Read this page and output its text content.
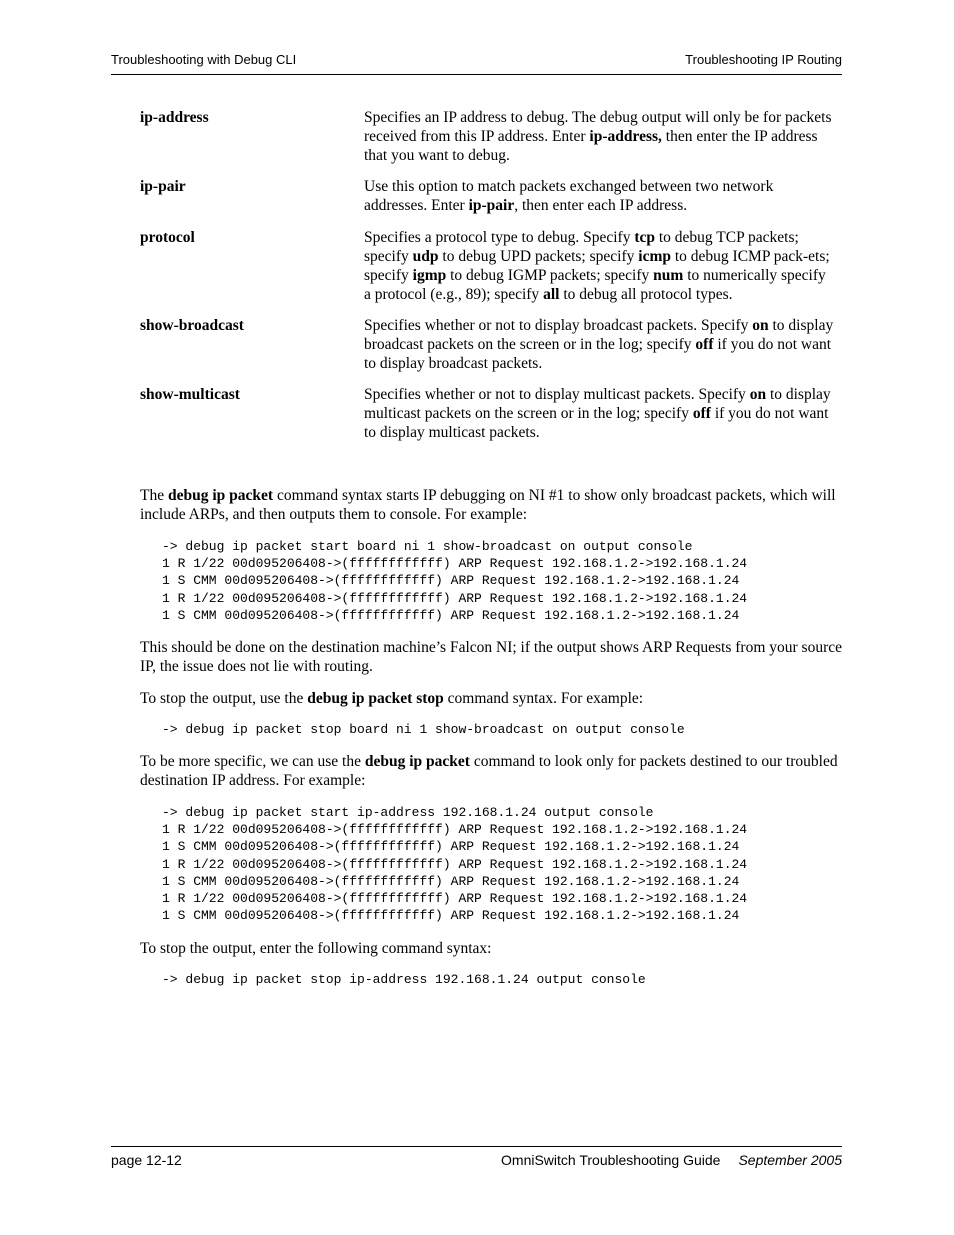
Troubleshooting with Debug CLI	Troubleshooting IP Routing
ip-address	Specifies an IP address to debug. The debug output will only be for packets received from this IP address. Enter ip-address, then enter the IP address that you want to debug.
ip-pair	Use this option to match packets exchanged between two network addresses. Enter ip-pair, then enter each IP address.
protocol	Specifies a protocol type to debug. Specify tcp to debug TCP packets; specify udp to debug UPD packets; specify icmp to debug ICMP pack-ets; specify igmp to debug IGMP packets; specify num to numerically specify a protocol (e.g., 89); specify all to debug all protocol types.
show-broadcast	Specifies whether or not to display broadcast packets. Specify on to display broadcast packets on the screen or in the log; specify off if you do not want to display broadcast packets.
show-multicast	Specifies whether or not to display multicast packets. Specify on to display multicast packets on the screen or in the log; specify off if you do not want to display multicast packets.
The debug ip packet command syntax starts IP debugging on NI #1 to show only broadcast packets, which will include ARPs, and then outputs them to console. For example:
-> debug ip packet start board ni 1 show-broadcast on output console
1 R 1/22 00d095206408->(ffffffffffff) ARP Request 192.168.1.2->192.168.1.24
1 S CMM 00d095206408->(ffffffffffff) ARP Request 192.168.1.2->192.168.1.24
1 R 1/22 00d095206408->(ffffffffffff) ARP Request 192.168.1.2->192.168.1.24
1 S CMM 00d095206408->(ffffffffffff) ARP Request 192.168.1.2->192.168.1.24
This should be done on the destination machine’s Falcon NI; if the output shows ARP Requests from your source IP, the issue does not lie with routing.
To stop the output, use the debug ip packet stop command syntax. For example:
-> debug ip packet stop board ni 1 show-broadcast on output console
To be more specific, we can use the debug ip packet command to look only for packets destined to our troubled destination IP address. For example:
-> debug ip packet start ip-address 192.168.1.24 output console
1 R 1/22 00d095206408->(ffffffffffff) ARP Request 192.168.1.2->192.168.1.24
1 S CMM 00d095206408->(ffffffffffff) ARP Request 192.168.1.2->192.168.1.24
1 R 1/22 00d095206408->(ffffffffffff) ARP Request 192.168.1.2->192.168.1.24
1 S CMM 00d095206408->(ffffffffffff) ARP Request 192.168.1.2->192.168.1.24
1 R 1/22 00d095206408->(ffffffffffff) ARP Request 192.168.1.2->192.168.1.24
1 S CMM 00d095206408->(ffffffffffff) ARP Request 192.168.1.2->192.168.1.24
To stop the output, enter the following command syntax:
-> debug ip packet stop ip-address 192.168.1.24 output console
page 12-12	OmniSwitch Troubleshooting Guide September 2005
